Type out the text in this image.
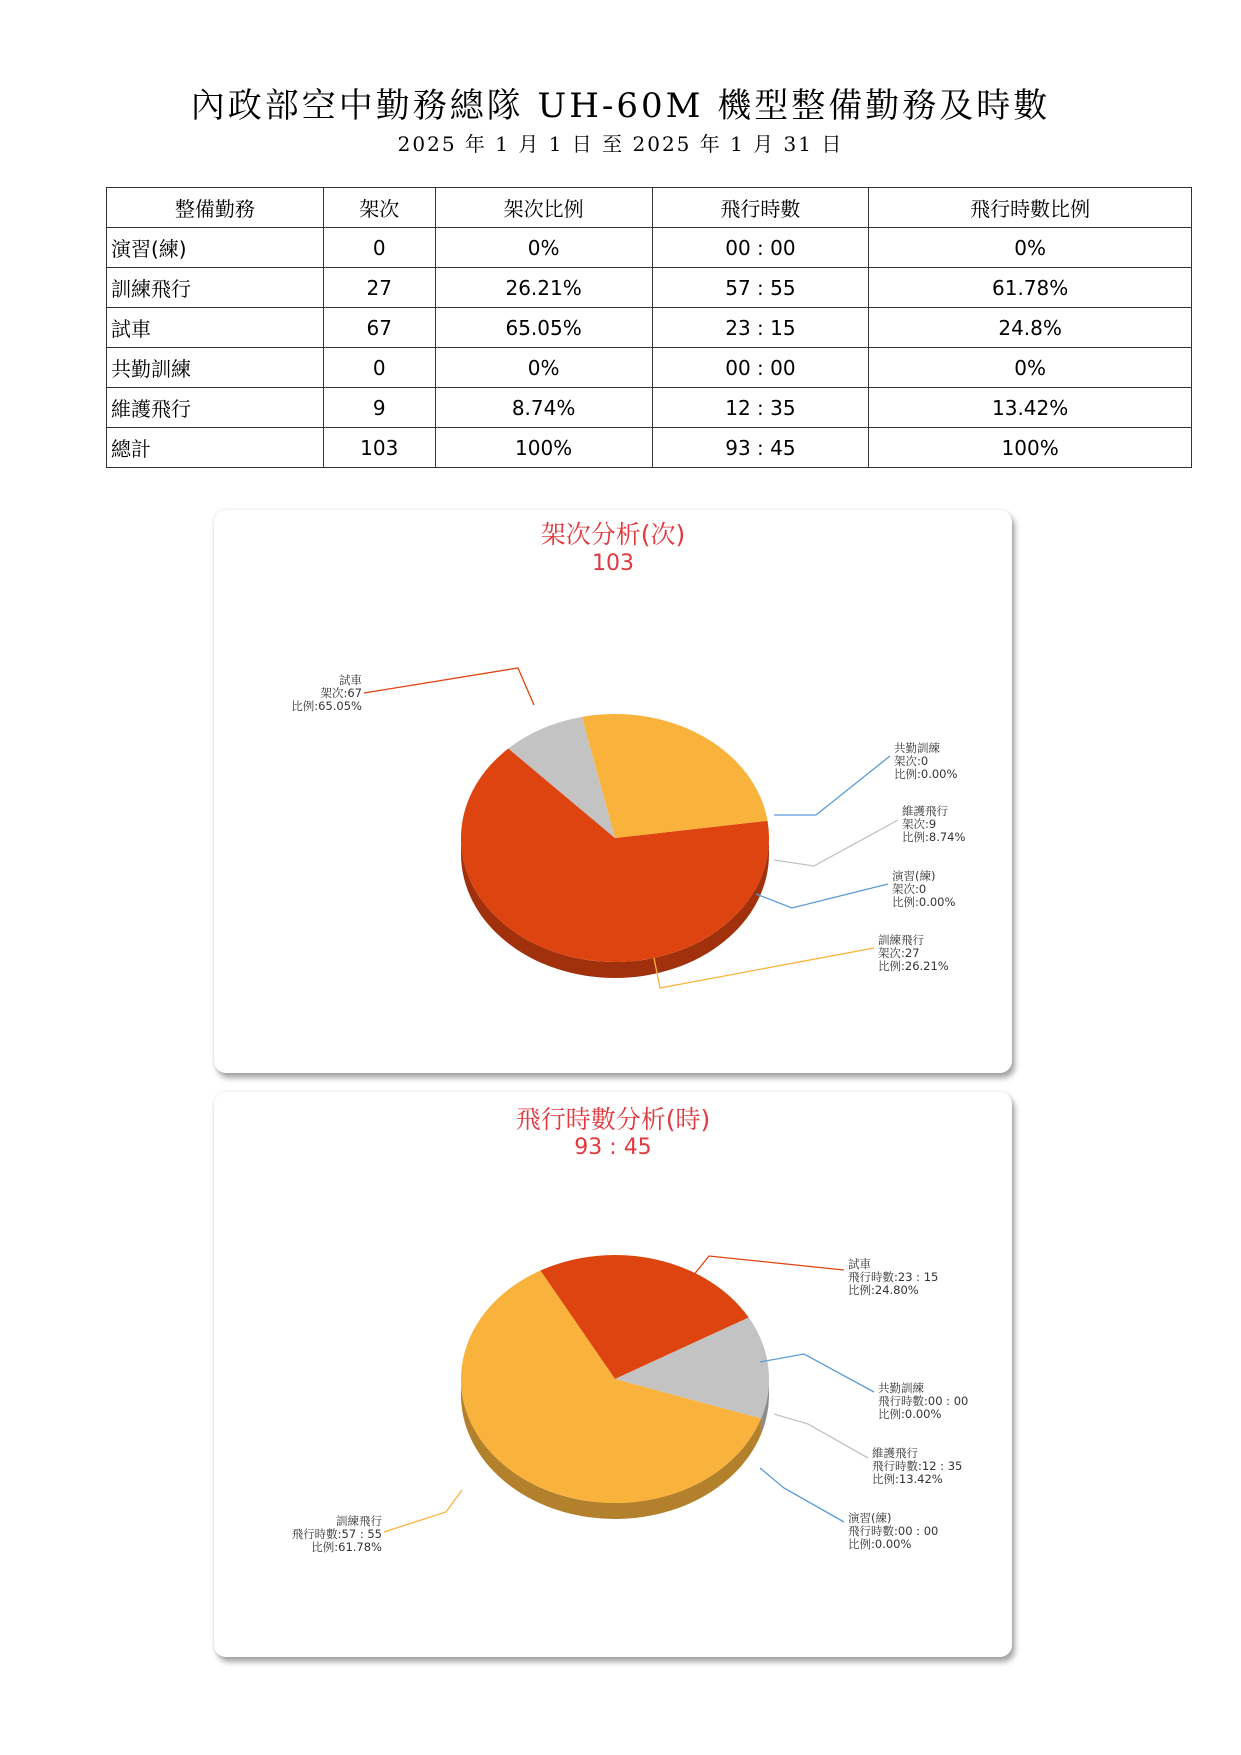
內政部空中勤務總隊 UH-60M 機型整備勤務及時數
2025 年 1 月 1 日 至 2025 年 1 月 31 日
整備勤務	架次	架次比例	飛行時數	飛行時數比例
演習(練)	0	0%	00 : 00	0%
訓練飛行	27	26.21%	57 : 55	61.78%
試車	67	65.05%	23 : 15	24.8%
共勤訓練	0	0%	00 : 00	0%
維護飛行	9	8.74%	12 : 35	13.42%
總計	103	100%	93 : 45	100%
架次分析(次)
103
試車
架次:67
比例:65.05%
共勤訓練
架次:0
比例:0.00%
維護飛行
架次:9
比例:8.74%
演習(練)
架次:0
比例:0.00%
訓練飛行
架次:27
比例:26.21%
飛行時數分析(時)
93 : 45
試車
飛行時數:23 : 15
比例:24.80%
共勤訓練
飛行時數:00 : 00
比例:0.00%
維護飛行
飛行時數:12 : 35
比例:13.42%
演習(練)
飛行時數:00 : 00
比例:0.00%
訓練飛行
飛行時數:57 : 55
比例:61.78%
